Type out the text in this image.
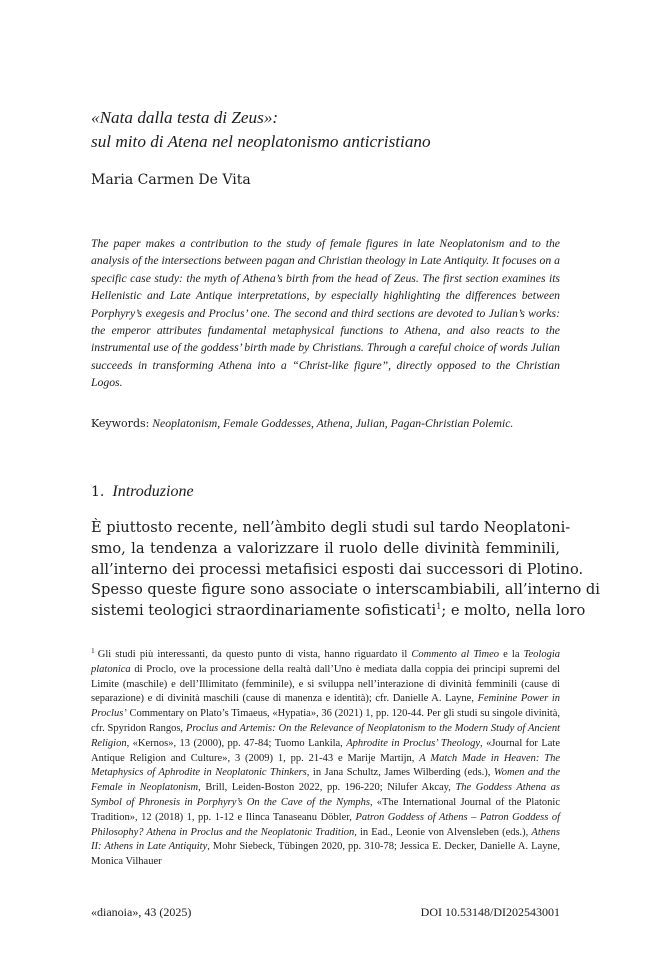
«Nata dalla testa di Zeus»:
sul mito di Atena nel neoplatonismo anticristiano
Maria Carmen De Vita
The paper makes a contribution to the study of female figures in late Neoplatonism and to the analysis of the intersections between pagan and Christian theology in Late Antiquity. It focuses on a specific case study: the myth of Athena’s birth from the head of Zeus. The first section examines its Hellenistic and Late Antique interpretations, by especially highlighting the differences between Porphyry’s exegesis and Proclus’ one. The second and third sections are devoted to Julian’s works: the emperor attributes fundamental metaphysical functions to Athena, and also reacts to the instrumental use of the goddess’ birth made by Christians. Through a careful choice of words Julian succeeds in transforming Athena into a “Christ-like figure”, directly opposed to the Christian Logos.
Keywords: Neoplatonism, Female Goddesses, Athena, Julian, Pagan-Christian Polemic.
1. Introduzione
È piuttosto recente, nell’àmbito degli studi sul tardo Neoplatoni-
smo, la tendenza a valorizzare il ruolo delle divinità femminili,
all’interno dei processi metafisici esposti dai successori di Plotino.
Spesso queste figure sono associate o interscambiabili, all’interno di
sistemi teologici straordinariamente sofisticati$^1$; e molto, nella loro
$^1$ Gli studi più interessanti, da questo punto di vista, hanno riguardato il Commento al Timeo e la Teologia platonica di Proclo, ove la processione della realtà dall’Uno è mediata dalla coppia dei principi supremi del Limite (maschile) e dell’Illimitato (femminile), e si sviluppa nell’interazione di divinità femminili (cause di separazione) e di divinità maschili (cause di manenza e identità); cfr. Danielle A. Layne, Feminine Power in Proclus’ Commentary on Plato’s Timaeus, «Hypatia», 36 (2021) 1, pp. 120-44. Per gli studi su singole divinità, cfr. Spyridon Rangos, Proclus and Artemis: On the Relevance of Neoplatonism to the Modern Study of Ancient Religion, «Kernos», 13 (2000), pp. 47-84; Tuomo Lankila, Aphrodite in Proclus’ Theology, «Journal for Late Antique Religion and Culture», 3 (2009) 1, pp. 21-43 e Marije Martijn, A Match Made in Heaven: The Metaphysics of Aphrodite in Neoplatonic Thinkers, in Jana Schultz, James Wilberding (eds.), Women and the Female in Neoplatonism, Brill, Leiden-Boston 2022, pp. 196-220; Nilufer Akcay, The Goddess Athena as Symbol of Phronesis in Porphyry’s On the Cave of the Nymphs, «The International Journal of the Platonic Tradition», 12 (2018) 1, pp. 1-12 e Ilinca Tanaseanu Döbler, Patron Goddess of Athens – Patron Goddess of Philosophy? Athena in Proclus and the Neoplatonic Tradition, in Ead., Leonie von Alvensleben (eds.), Athens II: Athens in Late Antiquity, Mohr Siebeck, Tübingen 2020, pp. 310-78; Jessica E. Decker, Danielle A. Layne, Monica Vilhauer
«dianoia», 43 (2025)	DOI 10.53148/DI202543001
